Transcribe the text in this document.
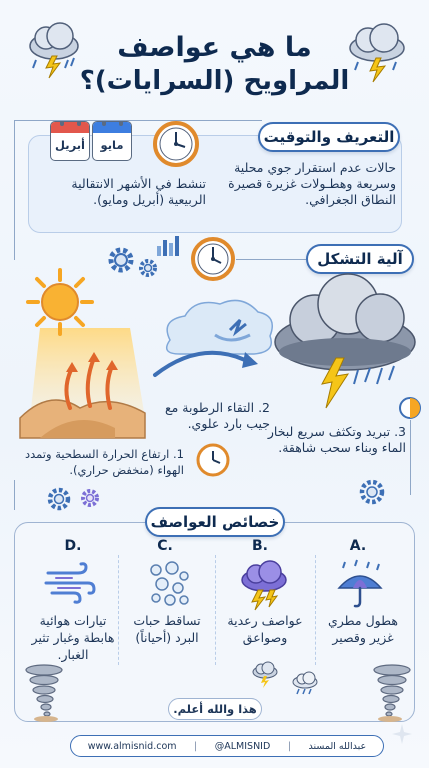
ما هي عواصف
المراويح (السرايات)؟
التعريف والتوقيت
أبريل	مايو
حالات عدم استقرار جوي محلية وسريعة وهطـولات غزيرة قصيرة النطاق الجغرافي.
تنشط في الأشهر الانتقالية الربيعية (أبريل ومايو).
آلية التشكل
2. التقاء الرطوبة مع جيب بارد علوي.
3. تبريد وتكثف سريع لبخار الماء وبناء سحب شاهقة.
1. ارتفاع الحرارة السطحية وتمدد الهواء (منخفض حراري).
خصائص العواصف
A.
B.
C.
D.
هطول مطري غزير وقصير
عواصف رعدية وصواعق
تساقط حبات البرد (أحياناً)
تيارات هوائية هابطة وغبار تثير الغبار.
هذا والله أعلم.
www.almisnid.com | @ALMISNID | عبدالله المسند
